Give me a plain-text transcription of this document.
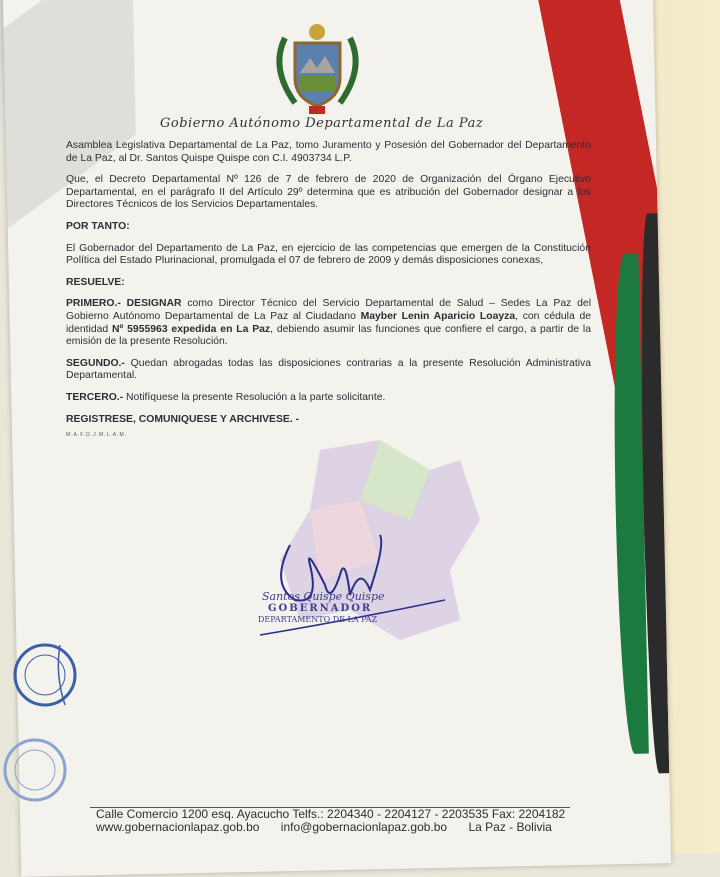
Gobierno Autónomo Departamental de La Paz

Asamblea Legislativa Departamental de La Paz, tomo Juramento y Posesión del Gobernador del Departamento de La Paz, al Dr. Santos Quispe Quispe con C.I. 4903734 L.P.

Que, el Decreto Departamental Nº 126 de 7 de febrero de 2020 de Organización del Órgano Ejecutivo Departamental, en el parágrafo II del Artículo 29º determina que es atribución del Gobernador designar a los Directores Técnicos de los Servicios Departamentales.

POR TANTO:

El Gobernador del Departamento de La Paz, en ejercicio de las competencias que emergen de la Constitución Política del Estado Plurinacional, promulgada el 07 de febrero de 2009 y demás disposiciones conexas,

RESUELVE:

PRIMERO.- DESIGNAR como Director Técnico del Servicio Departamental de Salud – Sedes La Paz del Gobierno Autónomo Departamental de La Paz al Ciudadano Mayber Lenin Aparicio Loayza, con cédula de identidad Nº 5955963 expedida en La Paz, debiendo asumir las funciones que confiere el cargo, a partir de la emisión de la presente Resolución.

SEGUNDO.- Quedan abrogadas todas las disposiciones contrarias a la presente Resolución Administrativa Departamental.

TERCERO.- Notifíquese la presente Resolución a la parte solicitante.

REGISTRESE, COMUNIQUESE Y ARCHIVESE. -

M.A.F.D.J.M.L.A.M.
Santos Quispe Quispe
GOBERNADOR
DEPARTAMENTO DE LA PAZ
Calle Comercio 1200 esq. Ayacucho Telfs.: 2204340 - 2204127 - 2203535 Fax: 2204182
www.gobernacionlapaz.gob.bo info@gobernacionlapaz.gob.bo La Paz - Bolivia
